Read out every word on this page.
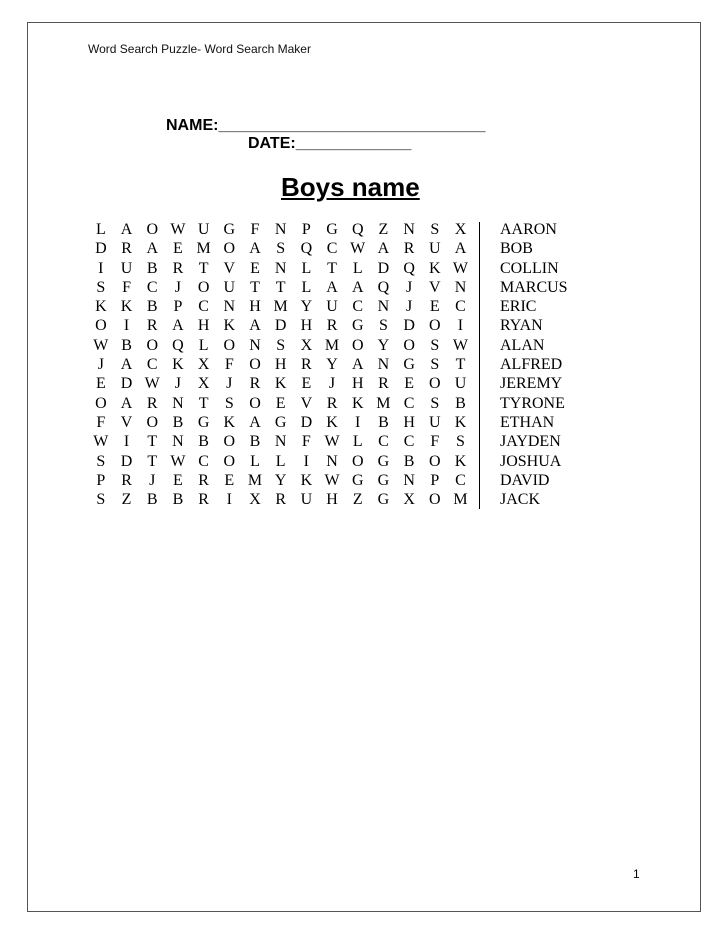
Word Search Puzzle- Word Search Maker
NAME:______________________________
DATE:_____________
Boys name
L A O W U G F N P G Q Z N S X
D R A E M O A S Q C W A R U A
I	U B R T V E N L T L D Q K W
S	F C	J	O U T T L A A Q	J	V N
K K B P C N H M Y U C N	J	E C
O	I	R A H K A D H R G S D O	I
W B O Q L O N S X M O Y O S W
J	A C K X F O H R Y A N G S	T
E D W J	X	J	R K E	J	H R E O U
O A R N T	S O E V R K M C S B
F V O B G K A G D K	I	B H U K
W I	T N B O B N F W L C C F	S
S D T W C O L L	I	N O G B O K
P R	J	E R E M Y K W G G N P C
S	Z B B R	I	X R U H Z G X O M
AARON
BOB
COLLIN
MARCUS
ERIC
RYAN
ALAN
ALFRED
JEREMY
TYRONE
ETHAN
JAYDEN
JOSHUA
DAVID
JACK
1
